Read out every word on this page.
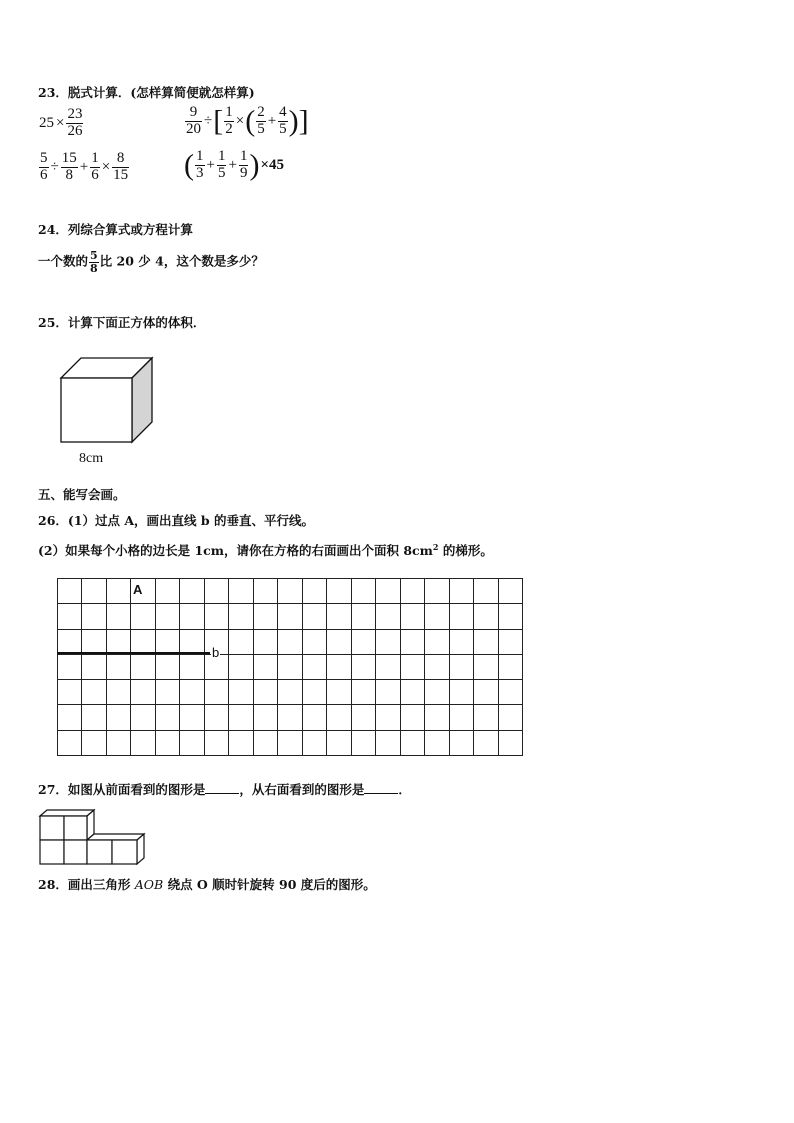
23．脱式计算．(怎样算简便就怎样算)
$25 \times \frac{23}{26}$	$\frac{9}{20}$ ÷[ $\frac{1}{2}$ ×( $\frac{2}{5} + \frac{4}{5}$ )]
$\frac{5}{6} \div \frac{15}{8} + \frac{1}{6} \times \frac{8}{15}$ ( $\frac{1}{3} + \frac{1}{5} + \frac{1}{9} )\times 45$
24．列综合算式或方程计算
一个数的 $\frac{5}{8}$ 比 20 少 4，这个数是多少？
25．计算下面正方体的体积．
8cm
五、能写会画。
26．(1）过点 A，画出直线 b 的垂直、平行线。
(2）如果每个小格的边长是 1cm，请你在方格的右面画出个面积 $8cm^2$ 的梯形。
A
b
27．如图从前面看到的图形是	，从右面看到的图形是	．
28．画出三角形 AOB 绕点 O 顺时针旋转 90 度后的图形。
